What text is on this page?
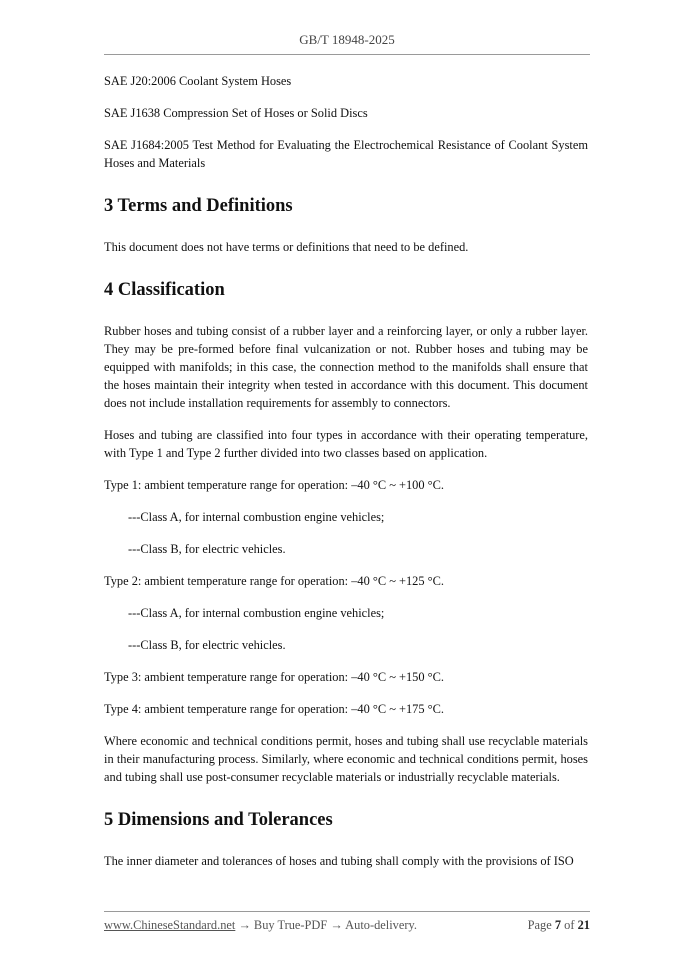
GB/T 18948-2025

SAE J20:2006 Coolant System Hoses

SAE J1638 Compression Set of Hoses or Solid Discs

SAE J1684:2005 Test Method for Evaluating the Electrochemical Resistance of Coolant System Hoses and Materials

3 Terms and Definitions

This document does not have terms or definitions that need to be defined.

4 Classification

Rubber hoses and tubing consist of a rubber layer and a reinforcing layer, or only a rubber layer. They may be pre-formed before final vulcanization or not. Rubber hoses and tubing may be equipped with manifolds; in this case, the connection method to the manifolds shall ensure that the hoses maintain their integrity when tested in accordance with this document. This document does not include installation requirements for assembly to connectors.

Hoses and tubing are classified into four types in accordance with their operating temperature, with Type 1 and Type 2 further divided into two classes based on application.

Type 1: ambient temperature range for operation: –40 °C ~ +100 °C.

---Class A, for internal combustion engine vehicles;

---Class B, for electric vehicles.

Type 2: ambient temperature range for operation: –40 °C ~ +125 °C.

---Class A, for internal combustion engine vehicles;

---Class B, for electric vehicles.

Type 3: ambient temperature range for operation: –40 °C ~ +150 °C.

Type 4: ambient temperature range for operation: –40 °C ~ +175 °C.

Where economic and technical conditions permit, hoses and tubing shall use recyclable materials in their manufacturing process. Similarly, where economic and technical conditions permit, hoses and tubing shall use post-consumer recyclable materials or industrially recyclable materials.

5 Dimensions and Tolerances

The inner diameter and tolerances of hoses and tubing shall comply with the provisions of ISO

www.ChineseStandard.net → Buy True-PDF → Auto-delivery.	Page 7 of 21
